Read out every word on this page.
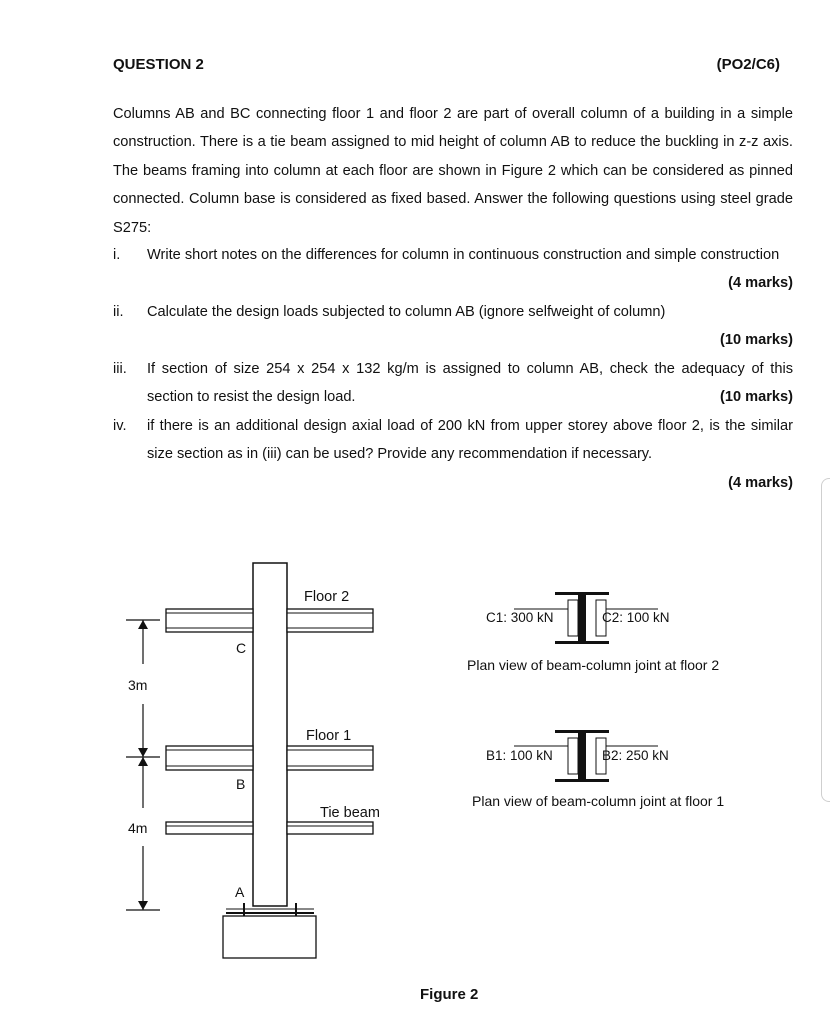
QUESTION 2	(PO2/C6)
Columns AB and BC connecting floor 1 and floor 2 are part of overall column of a building in a simple construction. There is a tie beam assigned to mid height of column AB to reduce the buckling in z-z axis. The beams framing into column at each floor are shown in Figure 2 which can be considered as pinned connected. Column base is considered as fixed based. Answer the following questions using steel grade S275:
i. Write short notes on the differences for column in continuous construction and simple construction
(4 marks)
ii. Calculate the design loads subjected to column AB (ignore selfweight of column)
(10 marks)
iii. If section of size 254 x 254 x 132 kg/m is assigned to column AB, check the adequacy of this section to resist the design load.	(10 marks)
iv. if there is an additional design axial load of 200 kN from upper storey above floor 2, is the similar size section as in (iii) can be used? Provide any recommendation if necessary.
(4 marks)
Floor 2
Floor 1
Tie beam
C
B
A
3m
4m
C1: 300 kN	C2: 100 kN
Plan view of beam-column joint at floor 2
B1: 100 kN	B2: 250 kN
Plan view of beam-column joint at floor 1
Figure 2
